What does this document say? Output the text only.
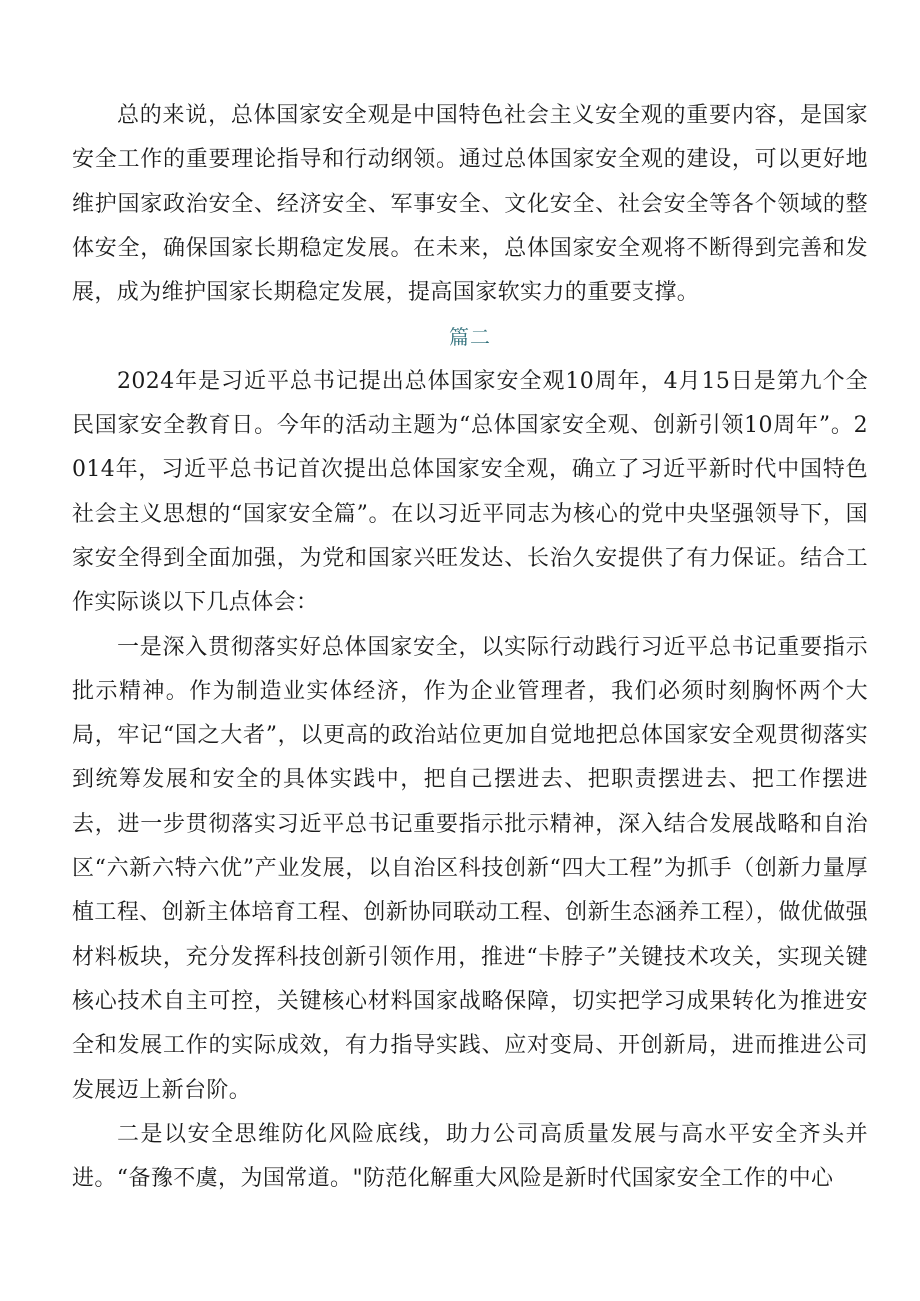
总的来说，总体国家安全观是中国特色社会主义安全观的重要内容，是国家安全工作的重要理论指导和行动纲领。通过总体国家安全观的建设，可以更好地维护国家政治安全、经济安全、军事安全、文化安全、社会安全等各个领域的整体安全，确保国家长期稳定发展。在未来，总体国家安全观将不断得到完善和发展，成为维护国家长期稳定发展，提高国家软实力的重要支撑。

篇二

2024年是习近平总书记提出总体国家安全观10周年，4月15日是第九个全民国家安全教育日。今年的活动主题为“总体国家安全观、创新引领10周年”。2014年，习近平总书记首次提出总体国家安全观，确立了习近平新时代中国特色社会主义思想的“国家安全篇”。在以习近平同志为核心的党中央坚强领导下，国家安全得到全面加强，为党和国家兴旺发达、长治久安提供了有力保证。结合工作实际谈以下几点体会：

一是深入贯彻落实好总体国家安全，以实际行动践行习近平总书记重要指示批示精神。作为制造业实体经济，作为企业管理者，我们必须时刻胸怀两个大局，牢记“国之大者”，以更高的政治站位更加自觉地把总体国家安全观贯彻落实到统筹发展和安全的具体实践中，把自己摆进去、把职责摆进去、把工作摆进去，进一步贯彻落实习近平总书记重要指示批示精神，深入结合发展战略和自治区“六新六特六优”产业发展，以自治区科技创新“四大工程”为抓手（创新力量厚植工程、创新主体培育工程、创新协同联动工程、创新生态涵养工程），做优做强材料板块，充分发挥科技创新引领作用，推进“卡脖子”关键技术攻关，实现关键核心技术自主可控，关键核心材料国家战略保障，切实把学习成果转化为推进安全和发展工作的实际成效，有力指导实践、应对变局、开创新局，进而推进公司发展迈上新台阶。

二是以安全思维防化风险底线，助力公司高质量发展与高水平安全齐头并进。“备豫不虞，为国常道。"防范化解重大风险是新时代国家安全工作的中心
